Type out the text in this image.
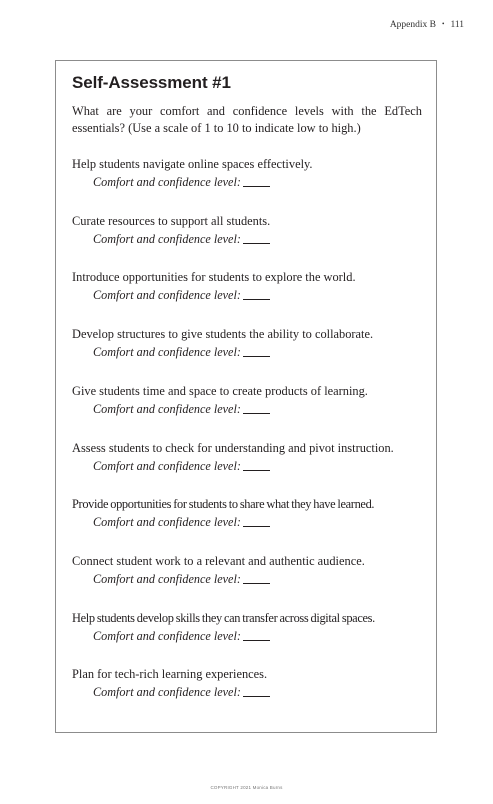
Appendix B • 111
Self-Assessment #1

What are your comfort and confidence levels with the EdTech essentials? (Use a scale of 1 to 10 to indicate low to high.)

Help students navigate online spaces effectively.
Comfort and confidence level:
Curate resources to support all students.
Comfort and confidence level:
Introduce opportunities for students to explore the world.
Comfort and confidence level:
Develop structures to give students the ability to collaborate.
Comfort and confidence level:
Give students time and space to create products of learning.
Comfort and confidence level:
Assess students to check for understanding and pivot instruction.
Comfort and confidence level:
Provide opportunities for students to share what they have learned.
Comfort and confidence level:
Connect student work to a relevant and authentic audience.
Comfort and confidence level:
Help students develop skills they can transfer across digital spaces.
Comfort and confidence level:
Plan for tech-rich learning experiences.
Comfort and confidence level:
COPYRIGHT 2021 Monica Burns
